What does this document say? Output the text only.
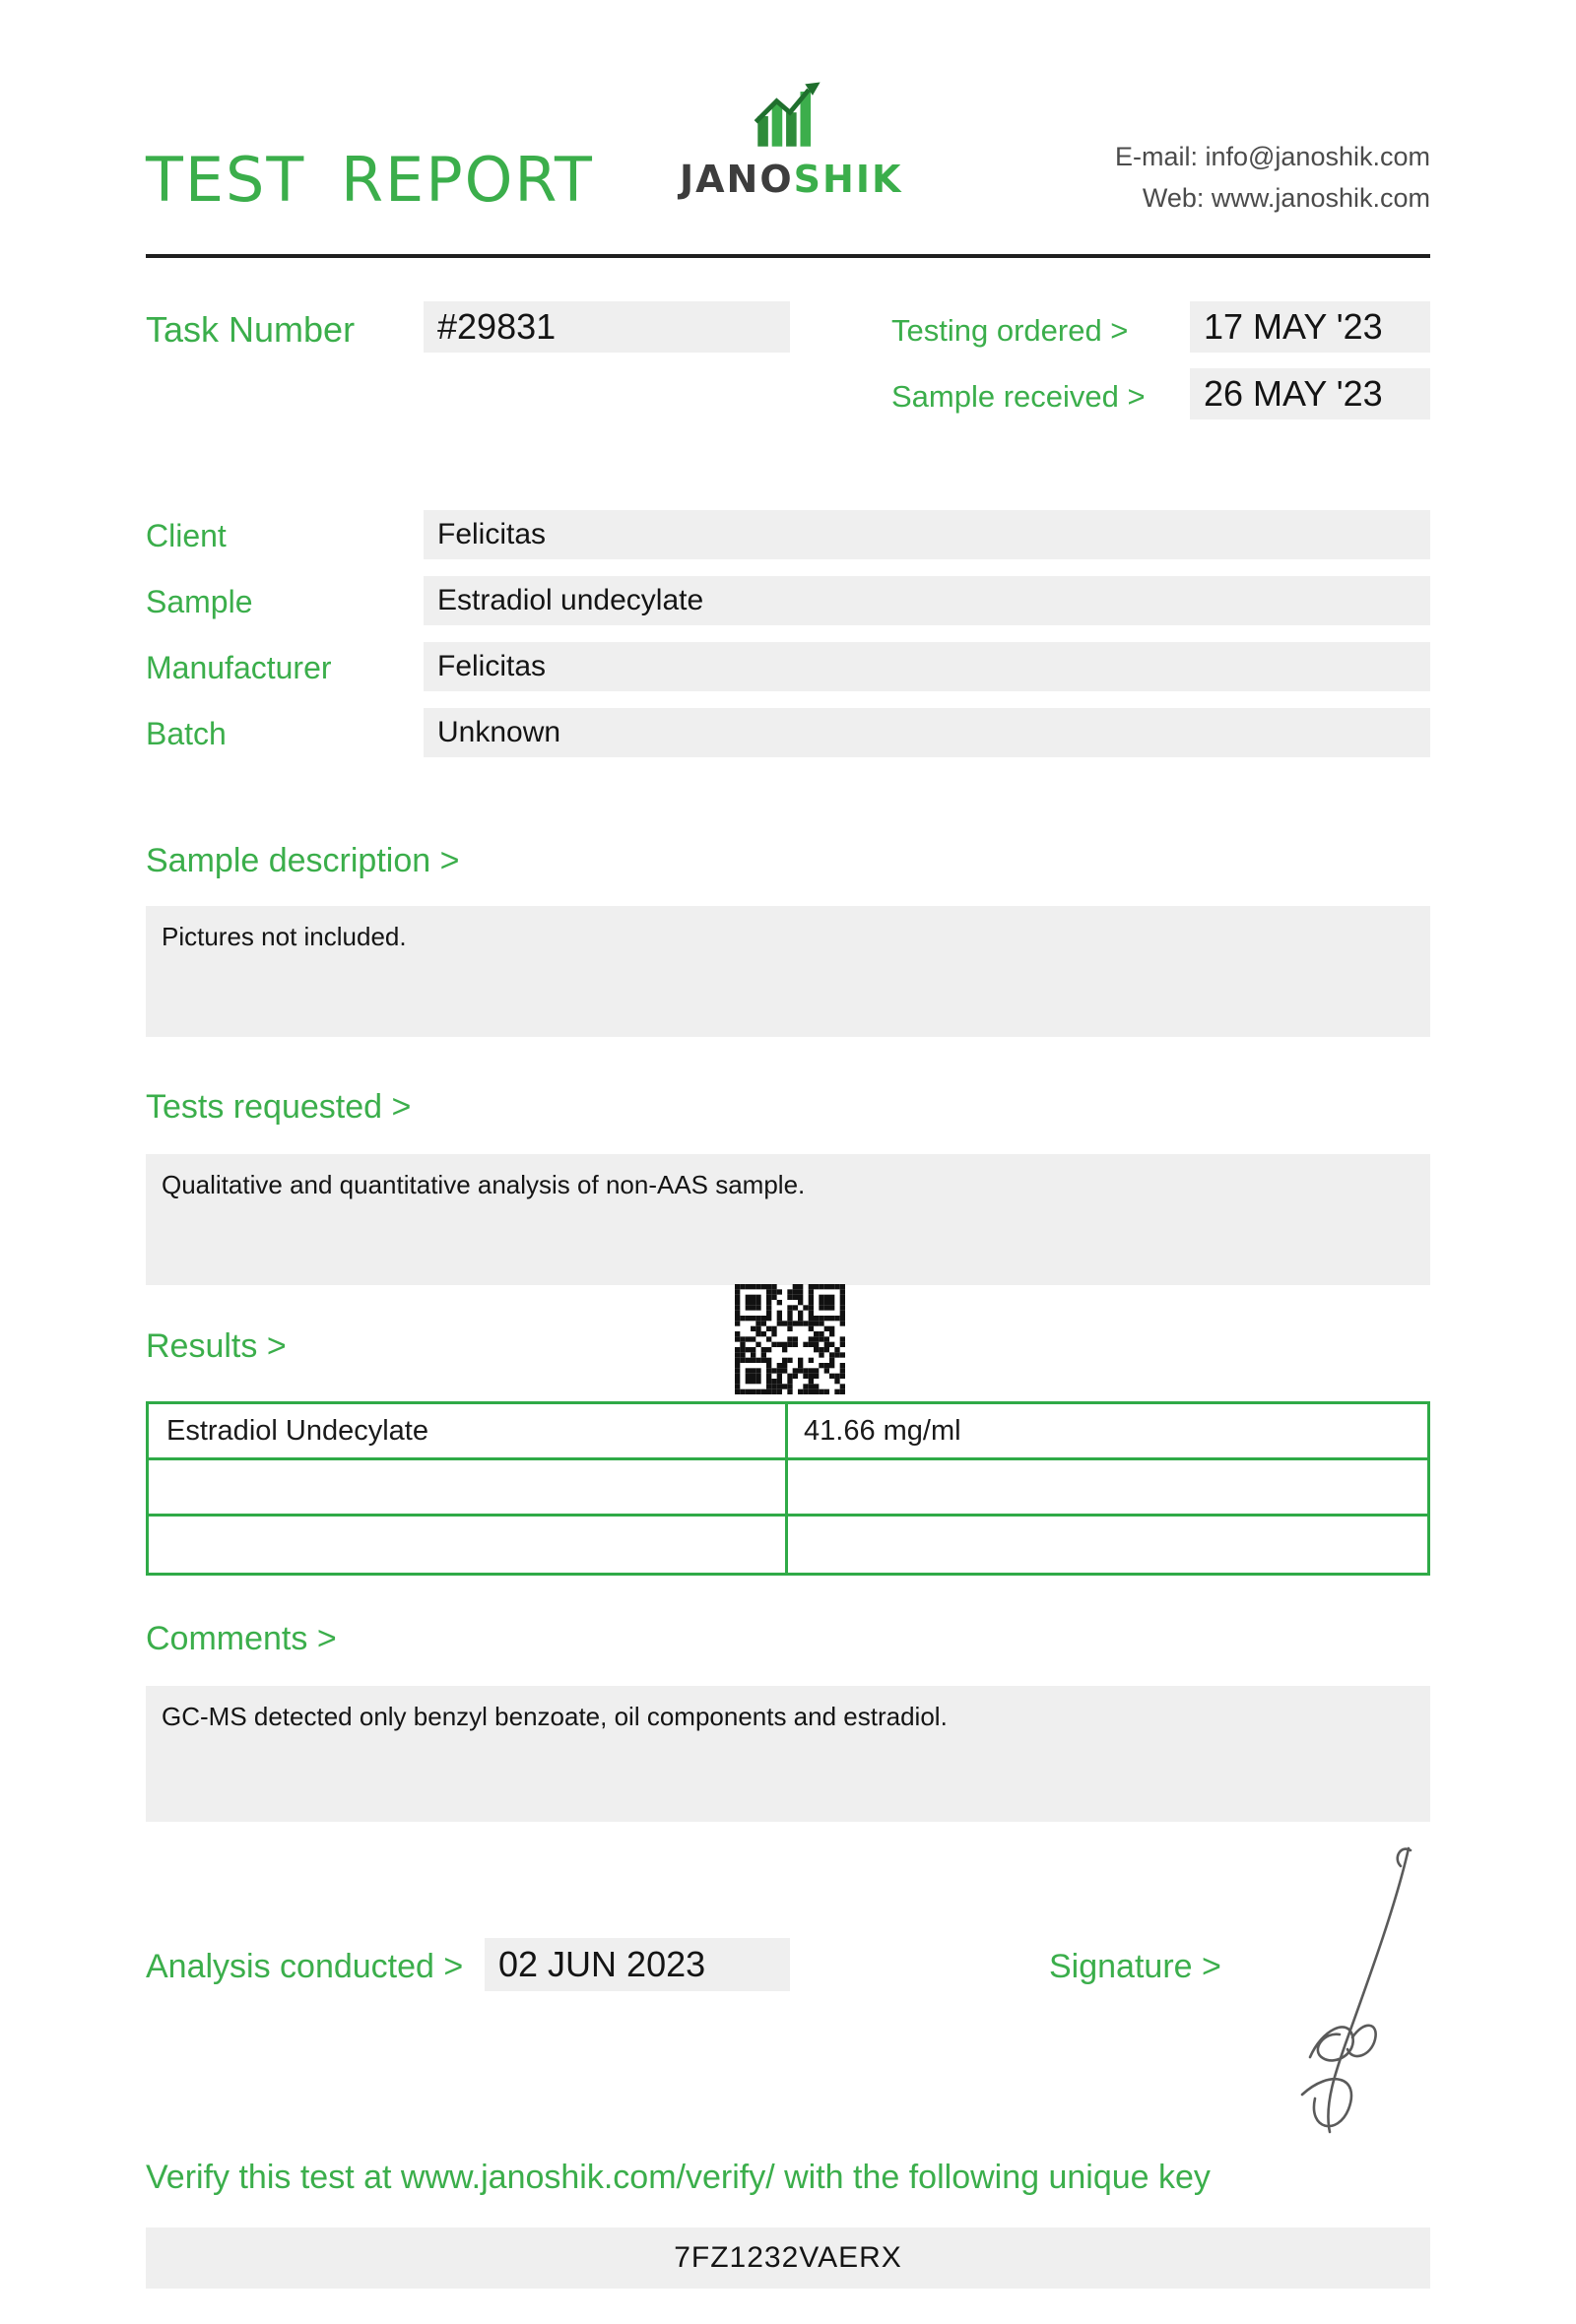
TEST REPORT JANOSHIK
E-mail: info@janoshik.com
Web: www.janoshik.com
Task Number	#29831	Testing ordered >	17 MAY '23
Sample received >	26 MAY '23
Client	Felicitas
Sample	Estradiol undecylate
Manufacturer	Felicitas
Batch	Unknown
Sample description >
Pictures not included.
Tests requested >
Qualitative and quantitative analysis of non-AAS sample.
Results >
Estradiol Undecylate	41.66 mg/ml
Comments >
GC-MS detected only benzyl benzoate, oil components and estradiol.
Analysis conducted > 02 JUN 2023	Signature >
Verify this test at www.janoshik.com/verify/ with the following unique key
7FZ1232VAERX
